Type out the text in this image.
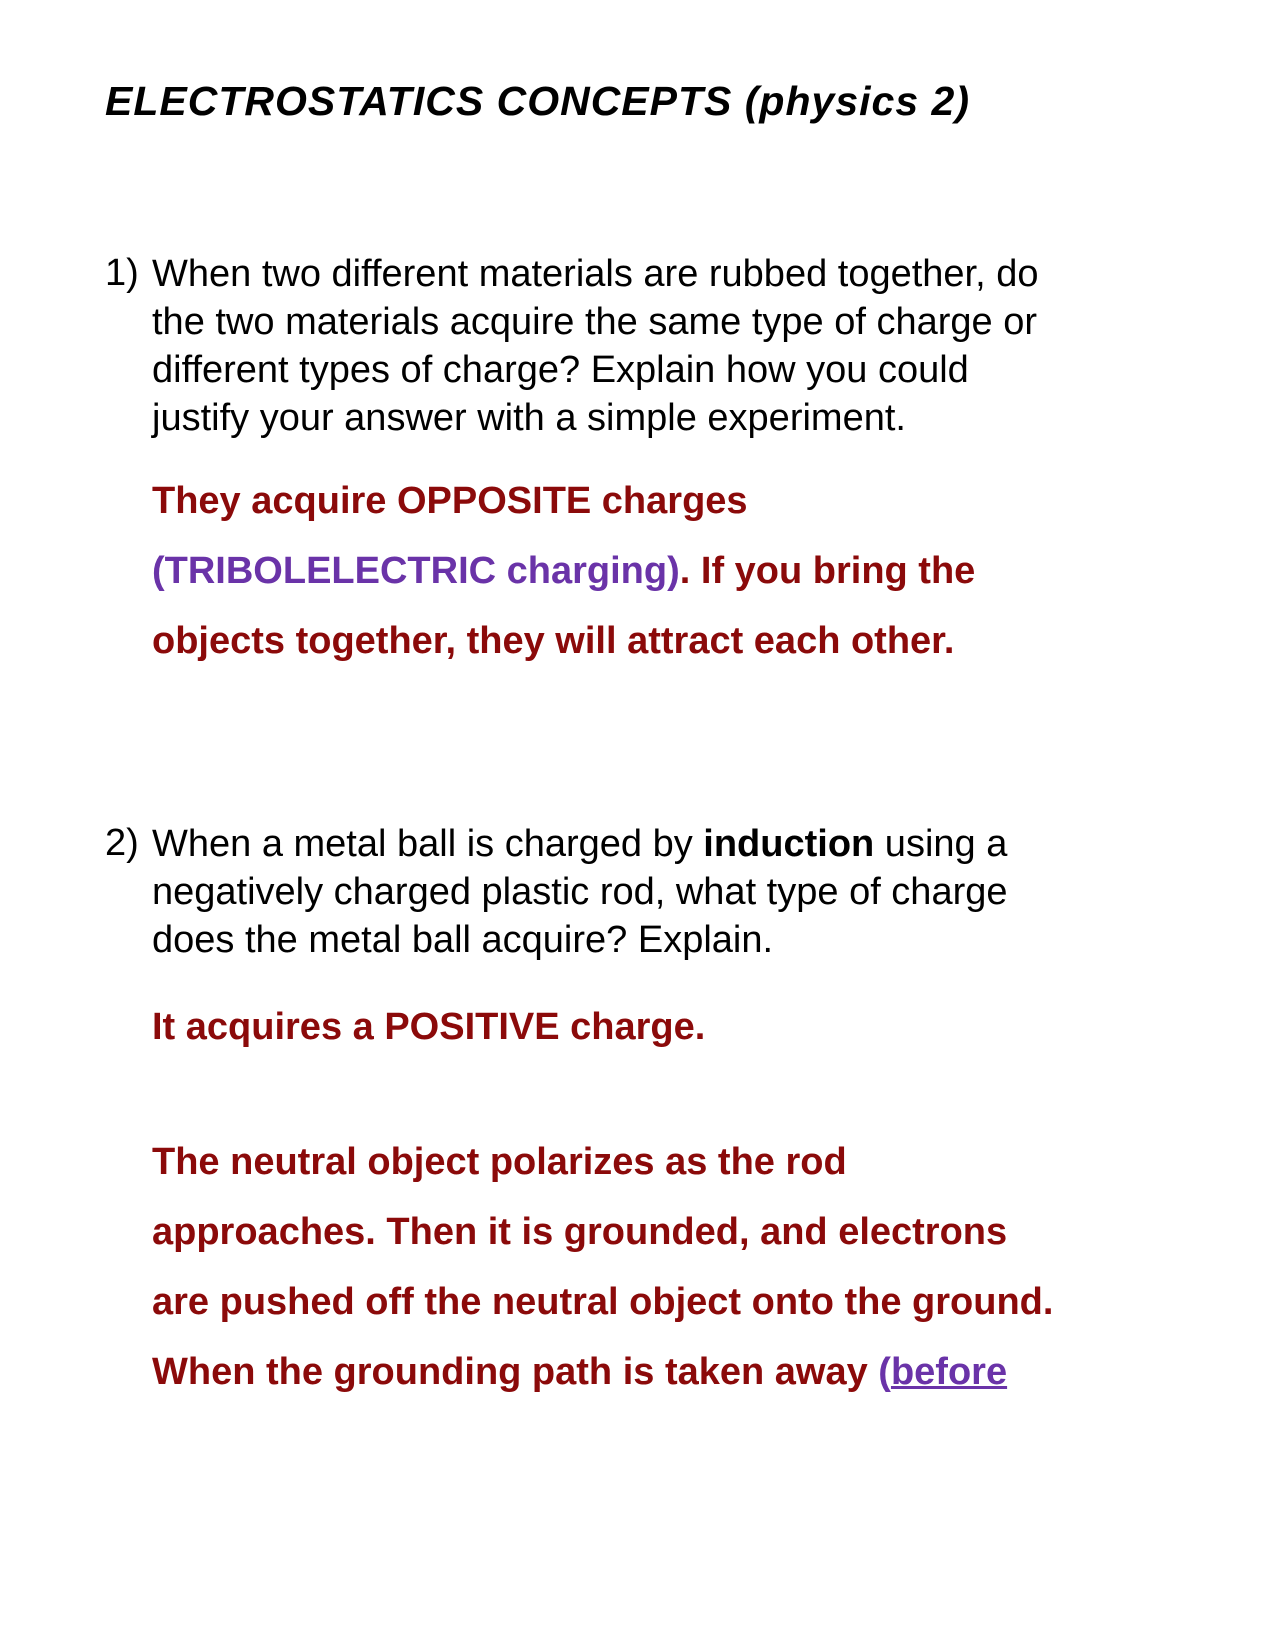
ELECTROSTATICS CONCEPTS (physics 2)
1) When two different materials are rubbed together, do
the two materials acquire the same type of charge or
different types of charge? Explain how you could
justify your answer with a simple experiment.

They acquire OPPOSITE charges
(TRIBOLELECTRIC charging). If you bring the
objects together, they will attract each other.
2) When a metal ball is charged by induction using a
negatively charged plastic rod, what type of charge
does the metal ball acquire? Explain.

It acquires a POSITIVE charge.
The neutral object polarizes as the rod
approaches. Then it is grounded, and electrons
are pushed off the neutral object onto the ground.
When the grounding path is taken away (before
